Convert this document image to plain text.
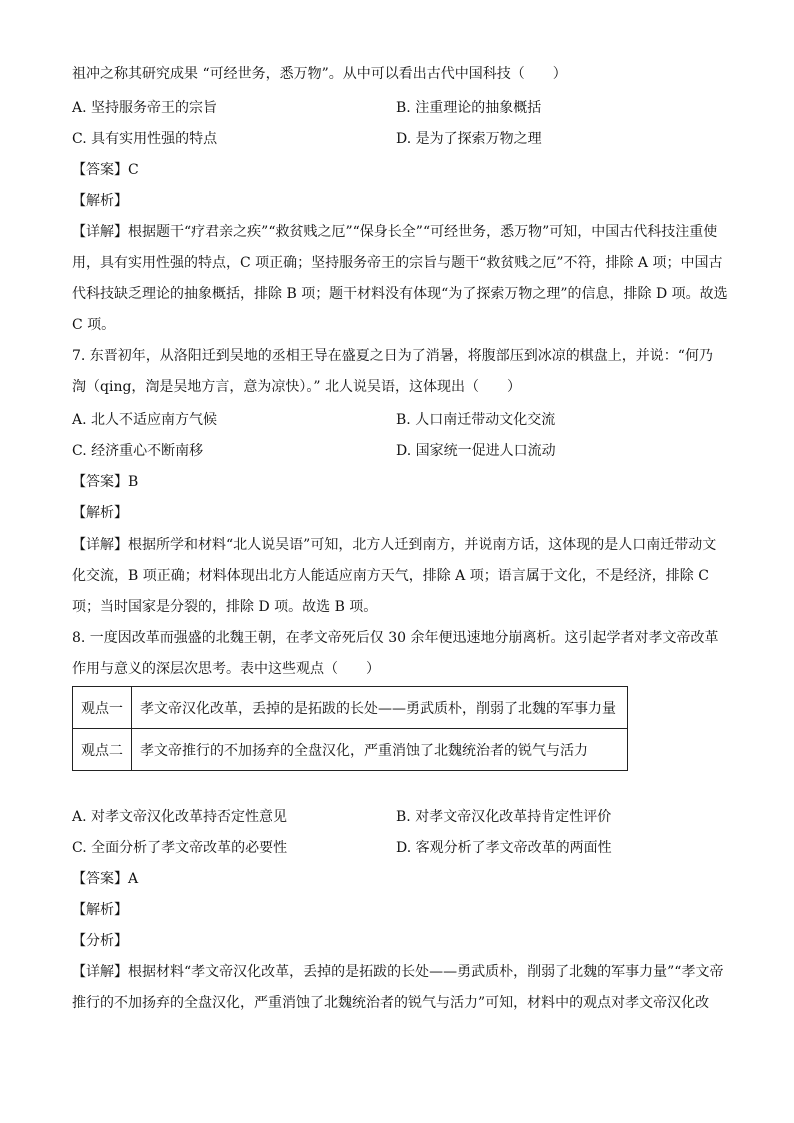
祖冲之称其研究成果 “可经世务，悉万物”。从中可以看出古代中国科技（　　）
A. 坚持服务帝王的宗旨	B. 注重理论的抽象概括
C. 具有实用性强的特点	D. 是为了探索万物之理
【答案】C
【解析】
【详解】根据题干“疗君亲之疾”“救贫贱之厄”“保身长全”“可经世务，悉万物”可知，中国古代科技注重使
用，具有实用性强的特点，C 项正确；坚持服务帝王的宗旨与题干“救贫贱之厄”不符，排除 A 项；中国古
代科技缺乏理论的抽象概括，排除 B 项；题干材料没有体现“为了探索万物之理”的信息，排除 D 项。故选
C 项。
7. 东晋初年，从洛阳迁到吴地的丞相王导在盛夏之日为了消暑，将腹部压到冰凉的棋盘上，并说：“何乃
渹（qing，渹是吴地方言，意为凉快）。” 北人说吴语，这体现出（　　）
A. 北人不适应南方气候	B. 人口南迁带动文化交流
C. 经济重心不断南移	D. 国家统一促进人口流动
【答案】B
【解析】
【详解】根据所学和材料“北人说吴语”可知，北方人迁到南方，并说南方话，这体现的是人口南迁带动文
化交流，B 项正确；材料体现出北方人能适应南方天气，排除 A 项；语言属于文化，不是经济，排除 C
项；当时国家是分裂的，排除 D 项。故选 B 项。
8. 一度因改革而强盛的北魏王朝，在孝文帝死后仅 30 余年便迅速地分崩离析。这引起学者对孝文帝改革
作用与意义的深层次思考。表中这些观点（　　）
观点一	孝文帝汉化改革，丢掉的是拓跋的长处——勇武质朴，削弱了北魏的军事力量
观点二	孝文帝推行的不加扬弃的全盘汉化，严重消蚀了北魏统治者的锐气与活力
A. 对孝文帝汉化改革持否定性意见	B. 对孝文帝汉化改革持肯定性评价
C. 全面分析了孝文帝改革的必要性	D. 客观分析了孝文帝改革的两面性
【答案】A
【解析】
【分析】
【详解】根据材料“孝文帝汉化改革，丢掉的是拓跋的长处——勇武质朴，削弱了北魏的军事力量”“孝文帝
推行的不加扬弃的全盘汉化，严重消蚀了北魏统治者的锐气与活力”可知，材料中的观点对孝文帝汉化改
